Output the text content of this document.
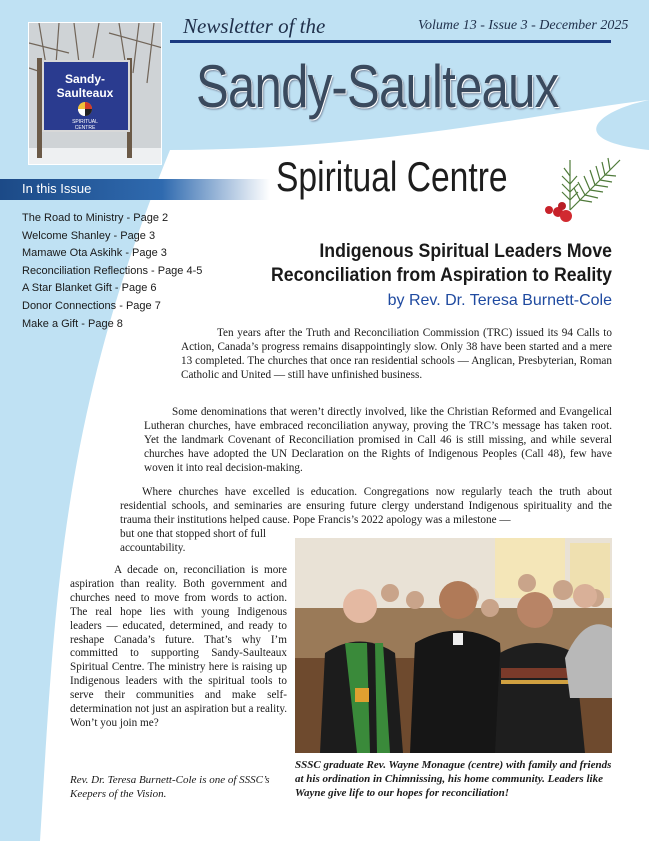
Sandy-
Saulteaux
SPIRITUAL
CENTRE
Newsletter of the	Volume 13 - Issue 3 - December 2025
Sandy-Saulteaux
Spiritual Centre
In this Issue
The Road to Ministry - Page 2
Welcome Shanley - Page 3
Mamawe Ota Askihk - Page 3
Reconciliation Reflections - Page 4-5
A Star Blanket Gift - Page 6
Donor Connections - Page 7
Make a Gift - Page 8
Indigenous Spiritual Leaders Move
Reconciliation from Aspiration to Reality
by Rev. Dr. Teresa Burnett-Cole
Ten years after the Truth and Reconciliation Commission (TRC) issued its 94 Calls to Action, Canada’s progress remains disappointingly slow. Only 38 have been started and a mere 13 completed. The churches that once ran residential schools — Anglican, Presbyterian, Roman Catholic and United — still have unfinished business.
Some denominations that weren’t directly involved, like the Christian Reformed and Evangelical Lutheran churches, have embraced reconciliation anyway, proving the TRC’s message has taken root. Yet the landmark Covenant of Reconciliation promised in Call 46 is still missing, and while several churches have adopted the UN Declaration on the Rights of Indigenous Peoples (Call 48), few have woven it into real decision-making.
Where churches have excelled is education. Congregations now regularly teach the truth about residential schools, and seminaries are ensuring future clergy understand Indigenous spirituality and the trauma their institutions helped cause. Pope Francis’s 2022 apology was a milestone —
but one that stopped short of full accountability.
A decade on, reconciliation is more aspiration than reality. Both government and churches need to move from words to action. The real hope lies with young Indigenous leaders — educated, determined, and ready to reshape Canada’s future. That’s why I’m committed to supporting Sandy-Saulteaux Spiritual Centre. The ministry here is raising up Indigenous leaders with the spiritual tools to serve their communities and make self-determination not just an aspiration but a reality. Won’t you join me?
Rev. Dr. Teresa Burnett-Cole is one of SSSC’s Keepers of the Vision.
SSSC graduate Rev. Wayne Monague (centre) with family and friends at his ordination in Chimnissing, his home community. Leaders like Wayne give life to our hopes for reconciliation!
